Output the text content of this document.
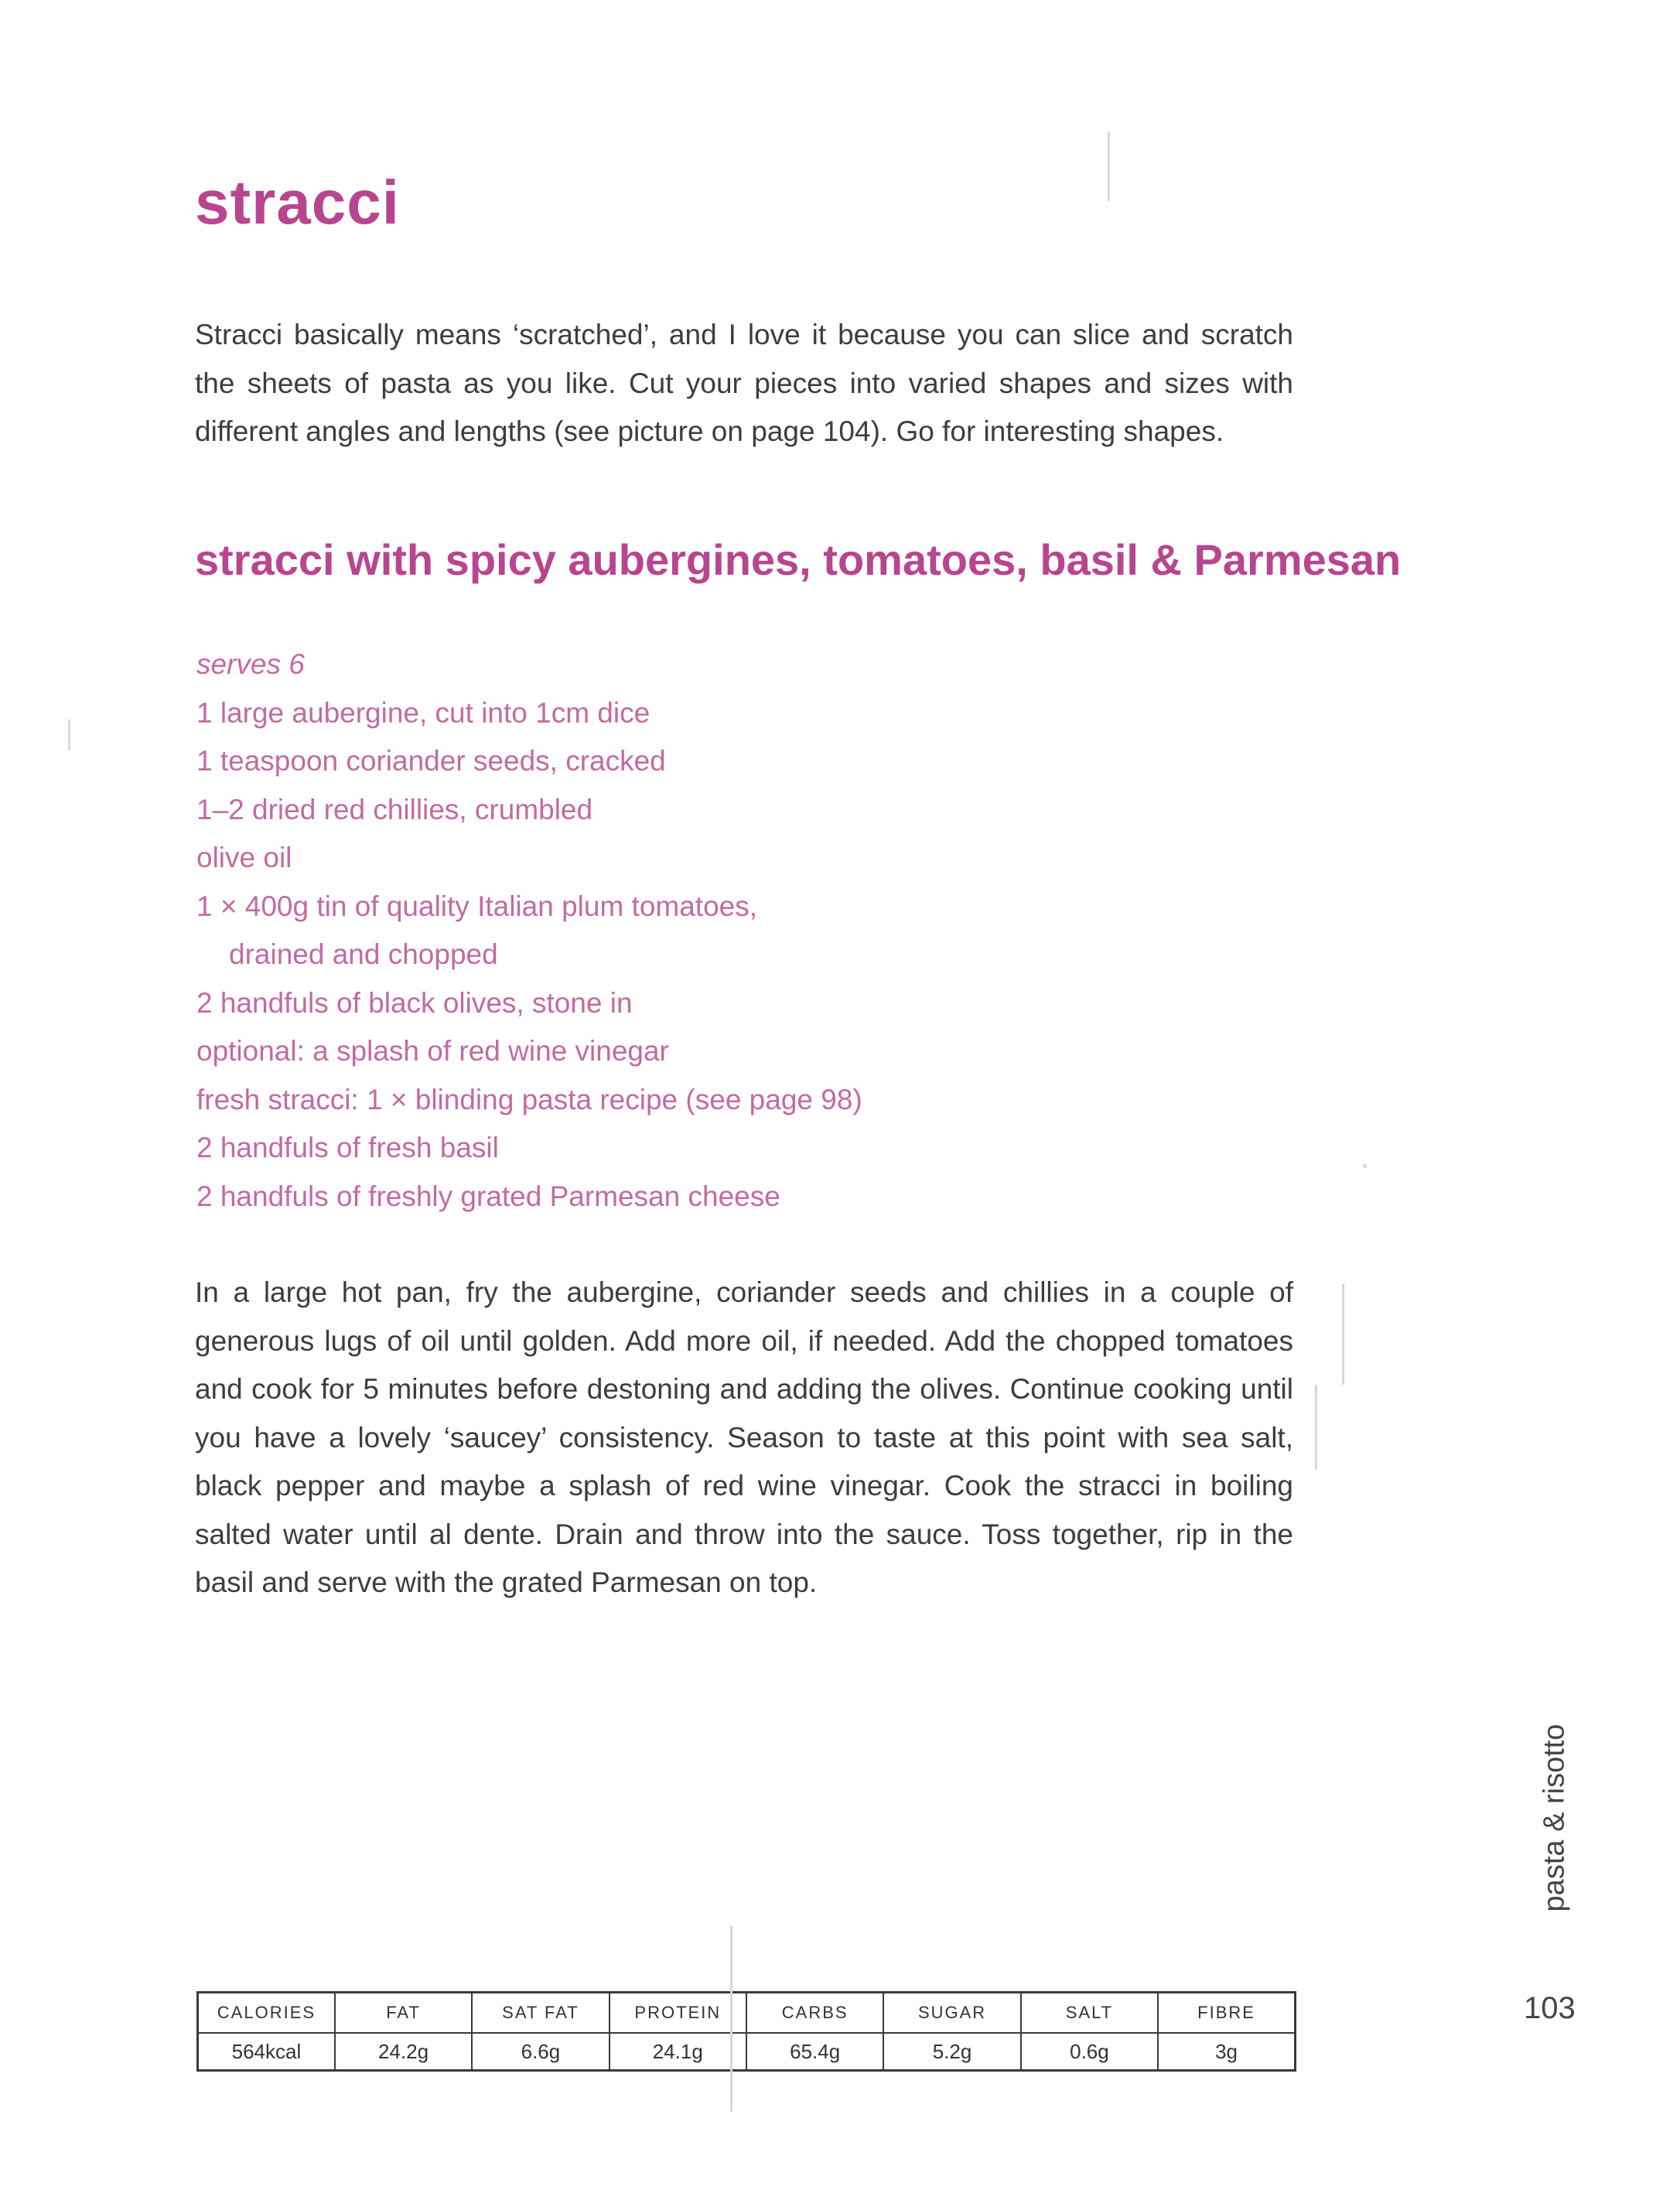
stracci

Stracci basically means ‘scratched’, and I love it because you can slice and scratch the sheets of pasta as you like. Cut your pieces into varied shapes and sizes with different angles and lengths (see picture on page 104). Go for interesting shapes.

stracci with spicy aubergines, tomatoes, basil & Parmesan
serves 6
1 large aubergine, cut into 1cm dice
1 teaspoon coriander seeds, cracked
1–2 dried red chillies, crumbled
olive oil
1 × 400g tin of quality Italian plum tomatoes,
drained and chopped
2 handfuls of black olives, stone in
optional: a splash of red wine vinegar
fresh stracci: 1 × blinding pasta recipe (see page 98)
2 handfuls of fresh basil
2 handfuls of freshly grated Parmesan cheese

In a large hot pan, fry the aubergine, coriander seeds and chillies in a couple of generous lugs of oil until golden. Add more oil, if needed. Add the chopped tomatoes and cook for 5 minutes before destoning and adding the olives. Continue cooking until you have a lovely ‘saucey’ consistency. Season to taste at this point with sea salt, black pepper and maybe a splash of red wine vinegar. Cook the stracci in boiling salted water until al dente. Drain and throw into the sauce. Toss together, rip in the basil and serve with the grated Parmesan on top.

pasta & risotto
103
CALORIES	FAT	SAT FAT	PROTEIN	CARBS	SUGAR	SALT	FIBRE
564kcal	24.2g	6.6g	24.1g	65.4g	5.2g	0.6g	3g
